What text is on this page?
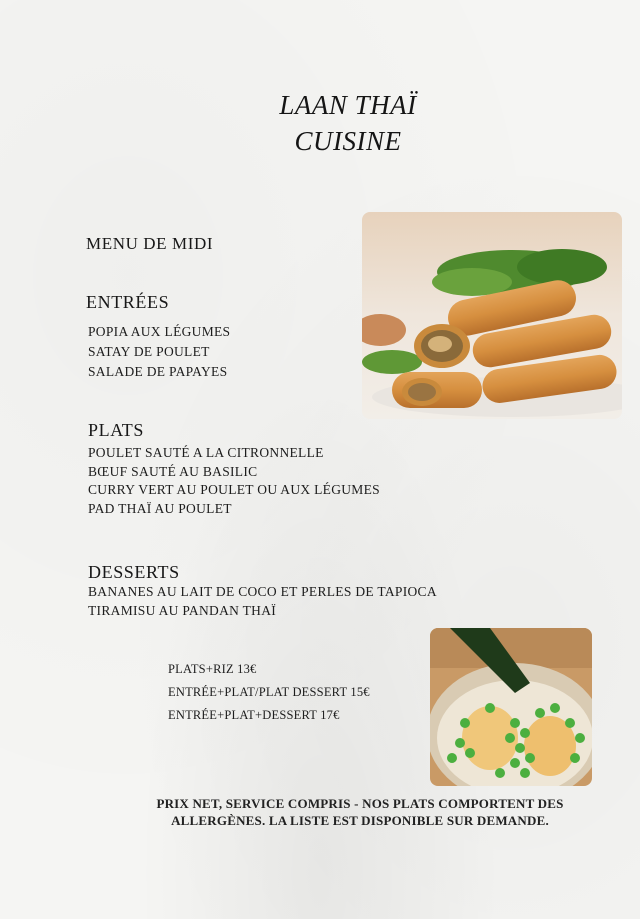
LAAN THAÏ
CUISINE
MENU DE MIDI
ENTRÉES
POPIA AUX LÉGUMES
SATAY DE POULET
SALADE DE PAPAYES
PLATS
POULET SAUTÉ A LA CITRONNELLE
BŒUF SAUTÉ AU BASILIC
CURRY VERT AU POULET OU AUX LÉGUMES
PAD THAÏ AU POULET
DESSERTS
BANANES AU LAIT DE COCO ET PERLES DE TAPIOCA
TIRAMISU AU PANDAN THAÏ
PLATS+RIZ 13€
ENTRÉE+PLAT/PLAT DESSERT 15€
ENTRÉE+PLAT+DESSERT 17€
PRIX NET, SERVICE COMPRIS - NOS PLATS COMPORTENT DES
ALLERGÈNES. LA LISTE EST DISPONIBLE SUR DEMANDE.
